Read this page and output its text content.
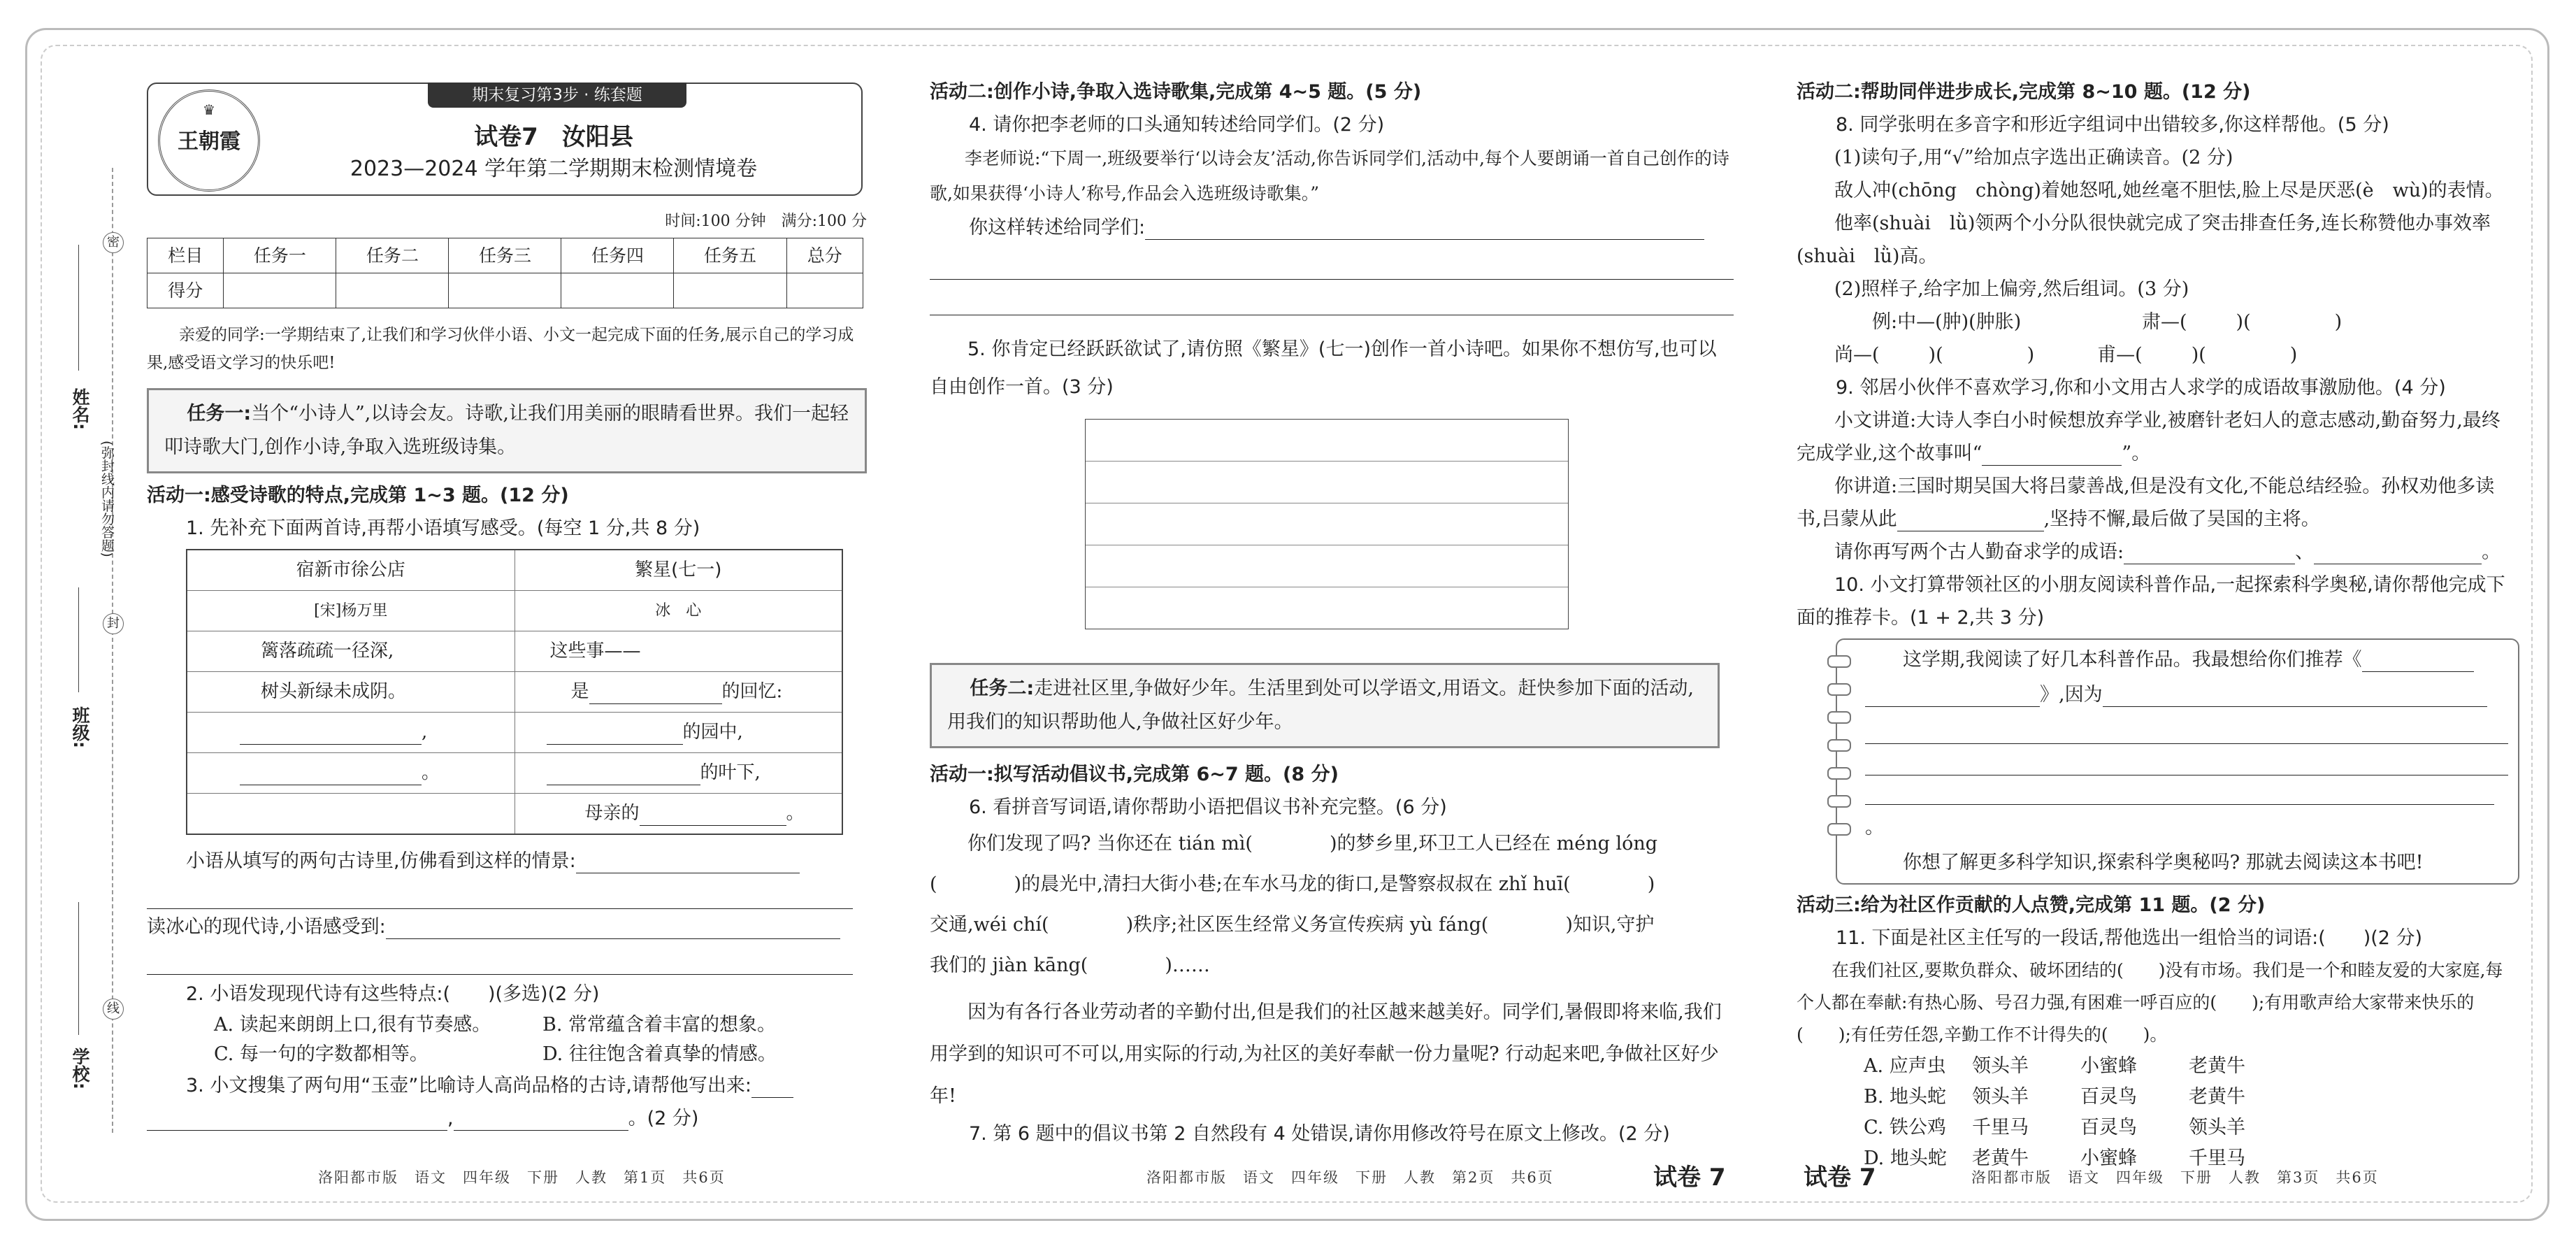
密
封
线
姓名:
(弥封线内请勿答题)
班级:
学校:
期末复习第3步 · 练套题
♛
王朝霞	试卷7　汝阳县
2023—2024 学年第二学期期末检测情境卷

时间:100 分钟　满分:100 分

栏目	任务一	任务二	任务三	任务四	任务五	总分
得分						

亲爱的同学:一学期结束了,让我们和学习伙伴小语、小文一起完成下面的任务,展示自己的学习成果,感受语文学习的快乐吧!

任务一:当个“小诗人”,以诗会友。诗歌,让我们用美丽的眼睛看世界。我们一起轻叩诗歌大门,创作小诗,争取入选班级诗集。

活动一:感受诗歌的特点,完成第 1~3 题。(12 分)

1. 先补充下面两首诗,再帮小语填写感受。(每空 1 分,共 8 分)

宿新市徐公店	繁星(七一)
[宋]杨万里	冰　心
篱落疏疏一径深,	这些事——
树头新绿未成阴。	是 的回忆:
,	的园中,
。	的叶下,
	母亲的 。

小语从填写的两句古诗里,仿佛看到这样的情景:

读冰心的现代诗,小语感受到:

2. 小语发现现代诗有这些特点:(　　)(多选)(2 分)

A. 读起来朗朗上口,很有节奏感。	B. 常常蕴含着丰富的想象。

C. 每一句的字数都相等。	D. 往往饱含着真挚的情感。

3. 小文搜集了两句用“玉壶”比喻诗人高尚品格的古诗,请帮他写出来:

,	。(2 分)

活动二:创作小诗,争取入选诗歌集,完成第 4~5 题。(5 分)

4. 请你把李老师的口头通知转述给同学们。(2 分)

李老师说:“下周一,班级要举行‘以诗会友’活动,你告诉同学们,活动中,每个人要朗诵一首自己创作的诗歌,如果获得‘小诗人’称号,作品会入选班级诗歌集。”

你这样转述给同学们:

5. 你肯定已经跃跃欲试了,请仿照《繁星》(七一)创作一首小诗吧。如果你不想仿写,也可以自由创作一首。(3 分)

任务二:走进社区里,争做好少年。生活里到处可以学语文,用语文。赶快参加下面的活动,用我们的知识帮助他人,争做社区好少年。

活动一:拟写活动倡议书,完成第 6~7 题。(8 分)

6. 看拼音写词语,请你帮助小语把倡议书补充完整。(6 分)

你们发现了吗? 当你还在 tián mì(	)的梦乡里,环卫工人已经在 méng lóng

(	)的晨光中,清扫大街小巷;在车水马龙的街口,是警察叔叔在 zhǐ huī(	)

交通,wéi chí(	)秩序;社区医生经常义务宣传疾病 yù fáng(	)知识,守护

我们的 jiàn kāng(	)……

因为有各行各业劳动者的辛勤付出,但是我们的社区越来越美好。同学们,暑假即将来临,我们用学到的知识可不可以,用实际的行动,为社区的美好奉献一份力量呢? 行动起来吧,争做社区好少年!

7. 第 6 题中的倡议书第 2 自然段有 4 处错误,请你用修改符号在原文上修改。(2 分)

活动二:帮助同伴进步成长,完成第 8~10 题。(12 分)

8. 同学张明在多音字和形近字组词中出错较多,你这样帮他。(5 分)

(1)读句子,用“√”给加点字选出正确读音。(2 分)

敌人冲(chōng　chòng)着她怒吼,她丝毫不胆怯,脸上尽是厌恶(è　wù)的表情。

他率(shuài　lǜ)领两个小分队很快就完成了突击排查任务,连长称赞他办事效率(shuài　lǜ)高。

(2)照样子,给字加上偏旁,然后组词。(3 分)

例:中—(肿)(肿胀)	肃—(	)(	)

尚—(	)(	)	甫—(	)(	)

9. 邻居小伙伴不喜欢学习,你和小文用古人求学的成语故事激励他。(4 分)

小文讲道:大诗人李白小时候想放弃学业,被磨针老妇人的意志感动,勤奋努力,最终完成学业,这个故事叫“	”。

你讲道:三国时期吴国大将吕蒙善战,但是没有文化,不能总结经验。孙权劝他多读书,吕蒙从此	,坚持不懈,最后做了吴国的主将。

请你再写两个古人勤奋求学的成语:	、	。

10. 小文打算带领社区的小朋友阅读科普作品,一起探索科学奥秘,请你帮他完成下面的推荐卡。(1 + 2,共 3 分)

这学期,我阅读了好几本科普作品。我最想给你们推荐《

》,因为

。

你想了解更多科学知识,探索科学奥秘吗? 那就去阅读这本书吧!

活动三:给为社区作贡献的人点赞,完成第 11 题。(2 分)

11. 下面是社区主任写的一段话,帮他选出一组恰当的词语:(　　)(2 分)

在我们社区,要欺负群众、破坏团结的(　　)没有市场。我们是一个和睦友爱的大家庭,每个人都在奉献:有热心肠、号召力强,有困难一呼百应的(　　);有用歌声给大家带来快乐的(　　);有任劳任怨,辛勤工作不计得失的(　　)。

A. 应声虫 领头羊	小蜜蜂	老黄牛

B. 地头蛇 领头羊	百灵鸟	老黄牛

C. 铁公鸡 千里马	百灵鸟	领头羊

D. 地头蛇 老黄牛	小蜜蜂	千里马

洛阳都市版　语文　四年级　下册　人教　第1页　共6页	洛阳都市版　语文　四年级　下册　人教　第2页　共6页	试卷 7	试卷 7	洛阳都市版　语文　四年级　下册　人教　第3页　共6页
